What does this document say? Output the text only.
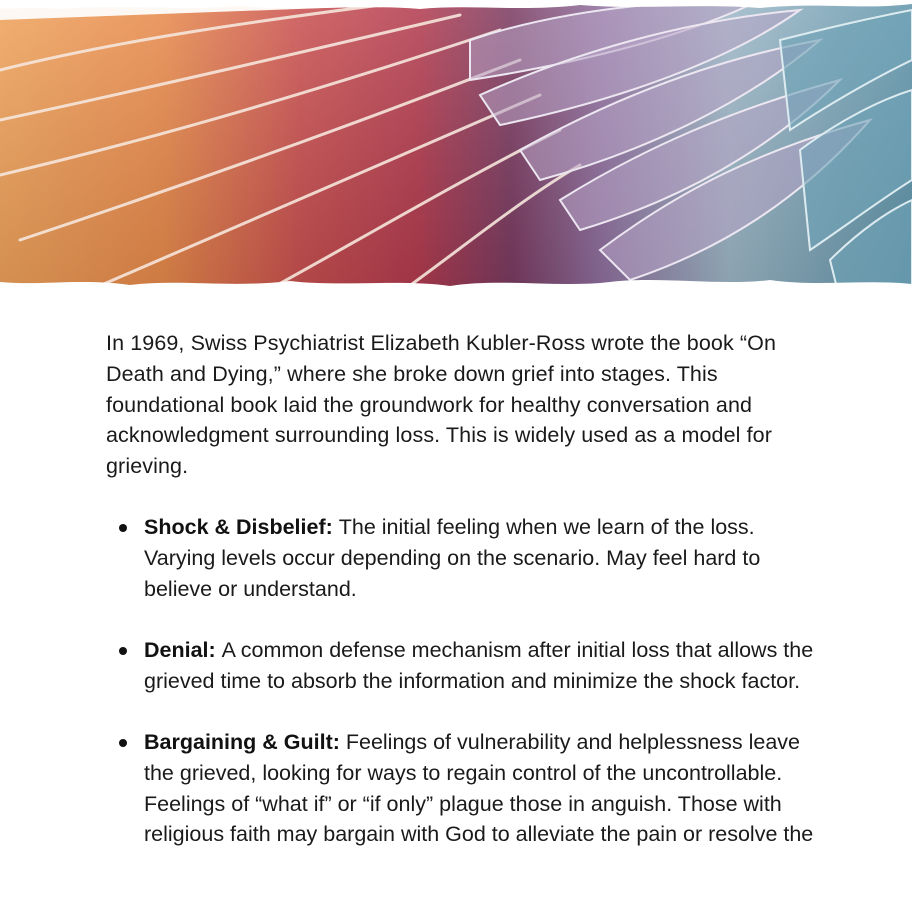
In 1969, Swiss Psychiatrist Elizabeth Kubler-Ross wrote the book “On Death and Dying,” where she broke down grief into stages. This foundational book laid the groundwork for healthy conversation and acknowledgment surrounding loss. This is widely used as a model for grieving.

Shock & Disbelief: The initial feeling when we learn of the loss. Varying levels occur depending on the scenario. May feel hard to believe or understand.
Denial: A common defense mechanism after initial loss that allows the grieved time to absorb the information and minimize the shock factor.
Bargaining & Guilt: Feelings of vulnerability and helplessness leave the grieved, looking for ways to regain control of the uncontrollable. Feelings of “what if” or “if only” plague those in anguish. Those with religious faith may bargain with God to alleviate the pain or resolve the
